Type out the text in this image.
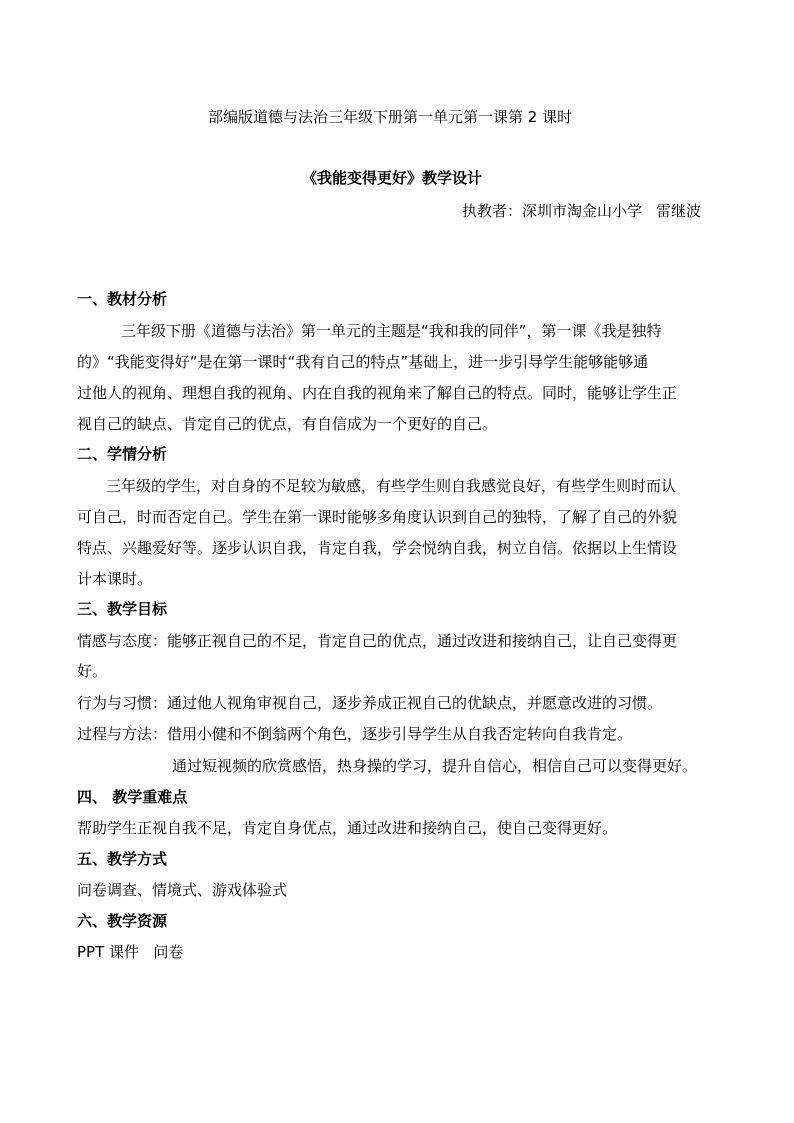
部编版道德与法治三年级下册第一单元第一课第 2 课时
《我能变得更好》教学设计
执教者：深圳市淘金山小学 雷继波
一、教材分析
三年级下册《道德与法治》第一单元的主题是“我和我的同伴”，第一课《我是独特
的》“我能变得好”是在第一课时“我有自己的特点”基础上，进一步引导学生能够能够通
过他人的视角、理想自我的视角、内在自我的视角来了解自己的特点。同时，能够让学生正
视自己的缺点、肯定自己的优点，有自信成为一个更好的自己。
二、学情分析
三年级的学生，对自身的不足较为敏感，有些学生则自我感觉良好，有些学生则时而认
可自己，时而否定自己。学生在第一课时能够多角度认识到自己的独特，了解了自己的外貌
特点、兴趣爱好等。逐步认识自我，肯定自我，学会悦纳自我，树立自信。依据以上生情设
计本课时。
三、教学目标
情感与态度：能够正视自己的不足，肯定自己的优点，通过改进和接纳自己，让自己变得更
好。
行为与习惯：通过他人视角审视自己，逐步养成正视自己的优缺点，并愿意改进的习惯。
过程与方法：借用小健和不倒翁两个角色，逐步引导学生从自我否定转向自我肯定。
通过短视频的欣赏感悟，热身操的学习，提升自信心，相信自己可以变得更好。
四、 教学重难点
帮助学生正视自我不足，肯定自身优点，通过改进和接纳自己，使自己变得更好。
五、教学方式
问卷调查、情境式、游戏体验式
六、教学资源
PPT 课件   问卷
